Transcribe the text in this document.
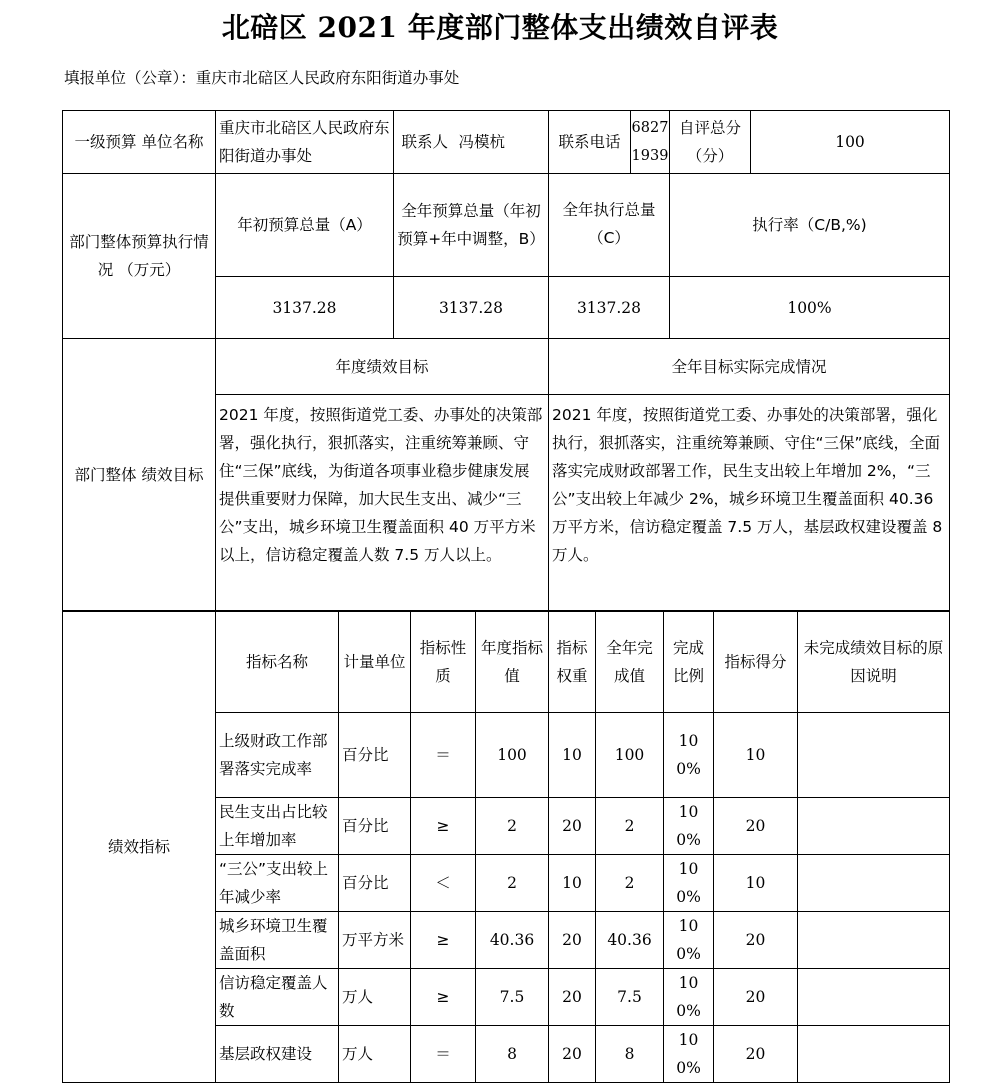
北碚区 2021 年度部门整体支出绩效自评表
填报单位（公章）：重庆市北碚区人民政府东阳街道办事处
一级预算 单位名称	重庆市北碚区人民政府东阳街道办事处	联系人	冯模杭	联系电话	68271939	自评总分（分）	100
部门整体预算执行情况 （万元）	年初预算总量（A）	全年预算总量（年初预算+年中调整，B）		全年执行总量（C）		执行率（C/B,%)	
	3137.28	3137.28		3137.28		100%	
部门整体 绩效目标	年度绩效目标			全年目标实际完成情况			
	2021 年度，按照街道党工委、办事处的决策部署，强化执行，狠抓落实，注重统筹兼顾、守住“三保”底线，为街道各项事业稳步健康发展提供重要财力保障，加大民生支出、减少“三公”支出，城乡环境卫生覆盖面积 40 万平方米以上，信访稳定覆盖人数 7.5 万人以上。			2021 年度，按照街道党工委、办事处的决策部署，强化执行，狠抓落实，注重统筹兼顾、守住“三保”底线，全面落实完成财政部署工作，民生支出较上年增加 2%，“三公”支出较上年减少 2%，城乡环境卫生覆盖面积 40.36 万平方米，信访稳定覆盖 7.5 万人，基层政权建设覆盖 8 万人。			
绩效指标	指标名称	计量单位	指标性质	年度指标值	指标权重	全年完成值	完成比例	指标得分	未完成绩效目标的原因说明
	上级财政工作部署落实完成率	百分比	＝	100	10	100	100%	10	
	民生支出占比较上年增加率	百分比	≥	2	20	2	100%	20	
	“三公”支出较上年减少率	百分比	＜	2	10	2	100%	10	
	城乡环境卫生覆盖面积	万平方米	≥	40.36	20	40.36	100%	20	
	信访稳定覆盖人数	万人	≥	7.5	20	7.5	100%	20	
	基层政权建设	万人	＝	8	20	8	100%	20	
